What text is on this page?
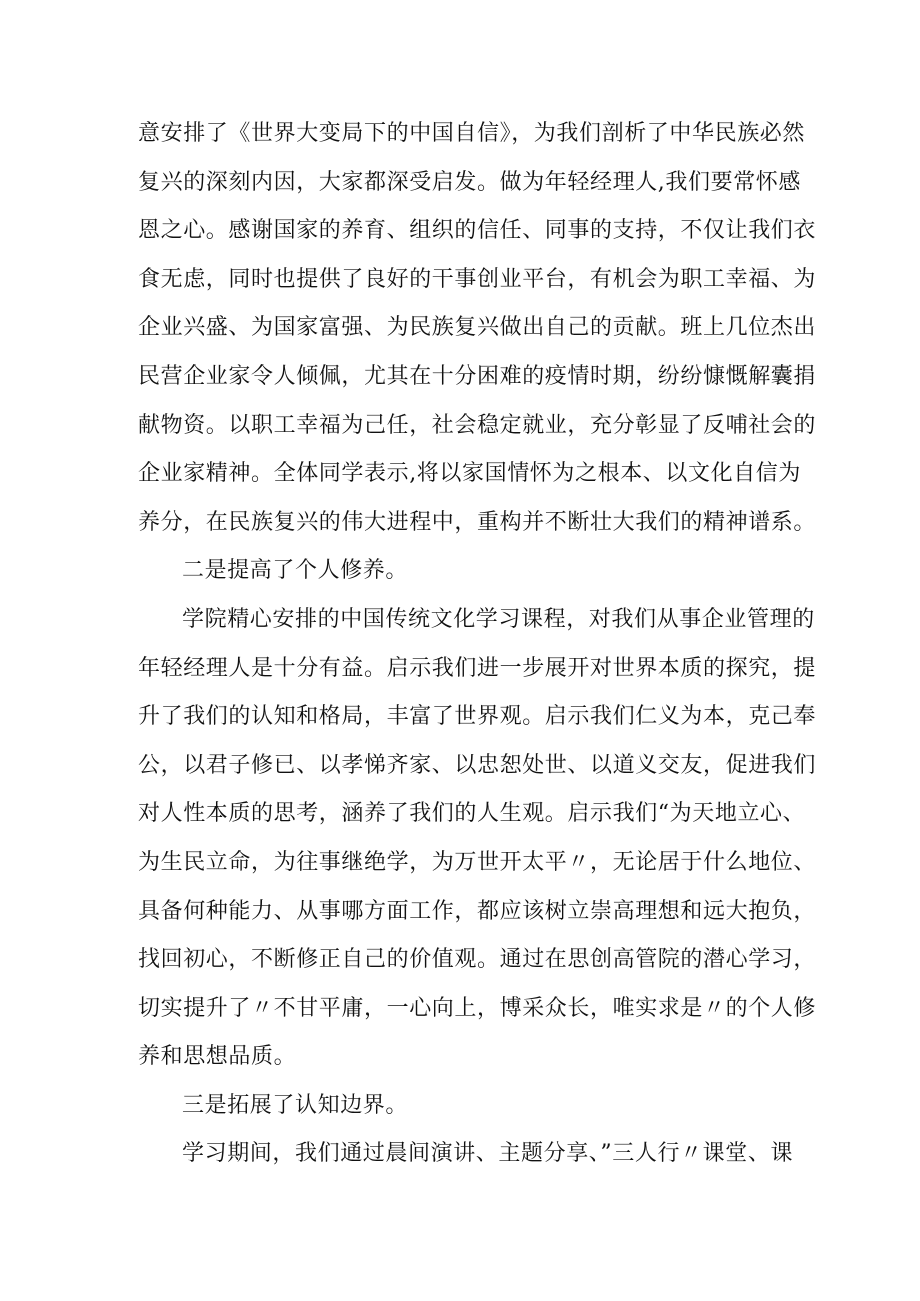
意安排了《世界大变局下的中国自信》，为我们剖析了中华民族必然
复兴的深刻内因，大家都深受启发。做为年轻经理人,我们要常怀感
恩之心。感谢国家的养育、组织的信任、同事的支持，不仅让我们衣
食无虑，同时也提供了良好的干事创业平台，有机会为职工幸福、为
企业兴盛、为国家富强、为民族复兴做出自己的贡献。班上几位杰出
民营企业家令人倾佩，尤其在十分困难的疫情时期，纷纷慷慨解囊捐
献物资。以职工幸福为己任，社会稳定就业，充分彰显了反哺社会的
企业家精神。全体同学表示,将以家国情怀为之根本、以文化自信为
养分，在民族复兴的伟大进程中，重构并不断壮大我们的精神谱系。
二是提高了个人修养。
学院精心安排的中国传统文化学习课程，对我们从事企业管理的
年轻经理人是十分有益。启示我们进一步展开对世界本质的探究，提
升了我们的认知和格局，丰富了世界观。启示我们仁义为本，克己奉
公，以君子修已、以孝悌齐家、以忠恕处世、以道义交友，促进我们
对人性本质的思考，涵养了我们的人生观。启示我们“为天地立心、
为生民立命，为往事继绝学，为万世开太平〃，无论居于什么地位、
具备何种能力、从事哪方面工作，都应该树立崇高理想和远大抱负，
找回初心，不断修正自己的价值观。通过在思创高管院的潜心学习，
切实提升了〃不甘平庸，一心向上，博采众长，唯实求是〃的个人修
养和思想品质。
三是拓展了认知边界。
学习期间，我们通过晨间演讲、主题分享、”三人行〃课堂、课
